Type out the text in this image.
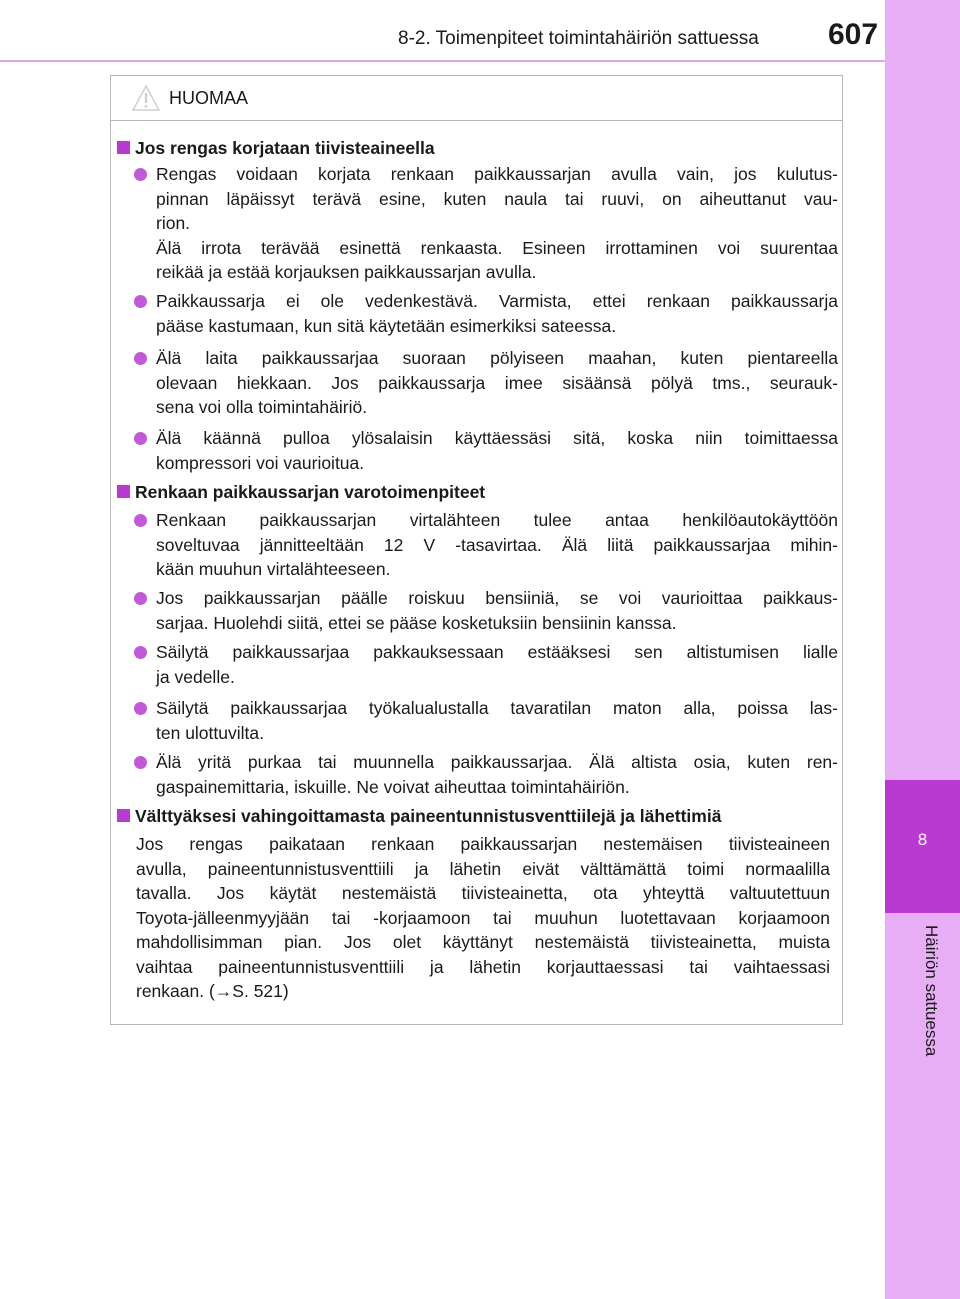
8-2. Toimenpiteet toimintahäiriön sattuessa 607
8
Häiriön sattuessa
HUOMAA
Jos rengas korjataan tiivisteaineella
Rengas voidaan korjata renkaan paikkaussarjan avulla vain, jos kulutus-
pinnan läpäissyt terävä esine, kuten naula tai ruuvi, on aiheuttanut vau-
rion.
Älä irrota terävää esinettä renkaasta. Esineen irrottaminen voi suurentaa
reikää ja estää korjauksen paikkaussarjan avulla.
Paikkaussarja ei ole vedenkestävä. Varmista, ettei renkaan paikkaussarja
pääse kastumaan, kun sitä käytetään esimerkiksi sateessa.
Älä laita paikkaussarjaa suoraan pölyiseen maahan, kuten pientareella
olevaan hiekkaan. Jos paikkaussarja imee sisäänsä pölyä tms., seurauk-
sena voi olla toimintahäiriö.
Älä käännä pulloa ylösalaisin käyttäessäsi sitä, koska niin toimittaessa
kompressori voi vaurioitua.
Renkaan paikkaussarjan varotoimenpiteet
Renkaan paikkaussarjan virtalähteen tulee antaa henkilöautokäyttöön
soveltuvaa jännitteeltään 12 V -tasavirtaa. Älä liitä paikkaussarjaa mihin-
kään muuhun virtalähteeseen.
Jos paikkaussarjan päälle roiskuu bensiiniä, se voi vaurioittaa paikkaus-
sarjaa. Huolehdi siitä, ettei se pääse kosketuksiin bensiinin kanssa.
Säilytä paikkaussarjaa pakkauksessaan estääksesi sen altistumisen lialle
ja vedelle.
Säilytä paikkaussarjaa työkalualustalla tavaratilan maton alla, poissa las-
ten ulottuvilta.
Älä yritä purkaa tai muunnella paikkaussarjaa. Älä altista osia, kuten ren-
gaspainemittaria, iskuille. Ne voivat aiheuttaa toimintahäiriön.
Välttyäksesi vahingoittamasta paineentunnistusventtiilejä ja lähettimiä
Jos rengas paikataan renkaan paikkaussarjan nestemäisen tiivisteaineen
avulla, paineentunnistusventtiili ja lähetin eivät välttämättä toimi normaalilla
tavalla. Jos käytät nestemäistä tiivisteainetta, ota yhteyttä valtuutettuun
Toyota-jälleenmyyjään tai -korjaamoon tai muuhun luotettavaan korjaamoon
mahdollisimman pian. Jos olet käyttänyt nestemäistä tiivisteainetta, muista
vaihtaa paineentunnistusventtiili ja lähetin korjauttaessasi tai vaihtaessasi
renkaan. (→S. 521)
